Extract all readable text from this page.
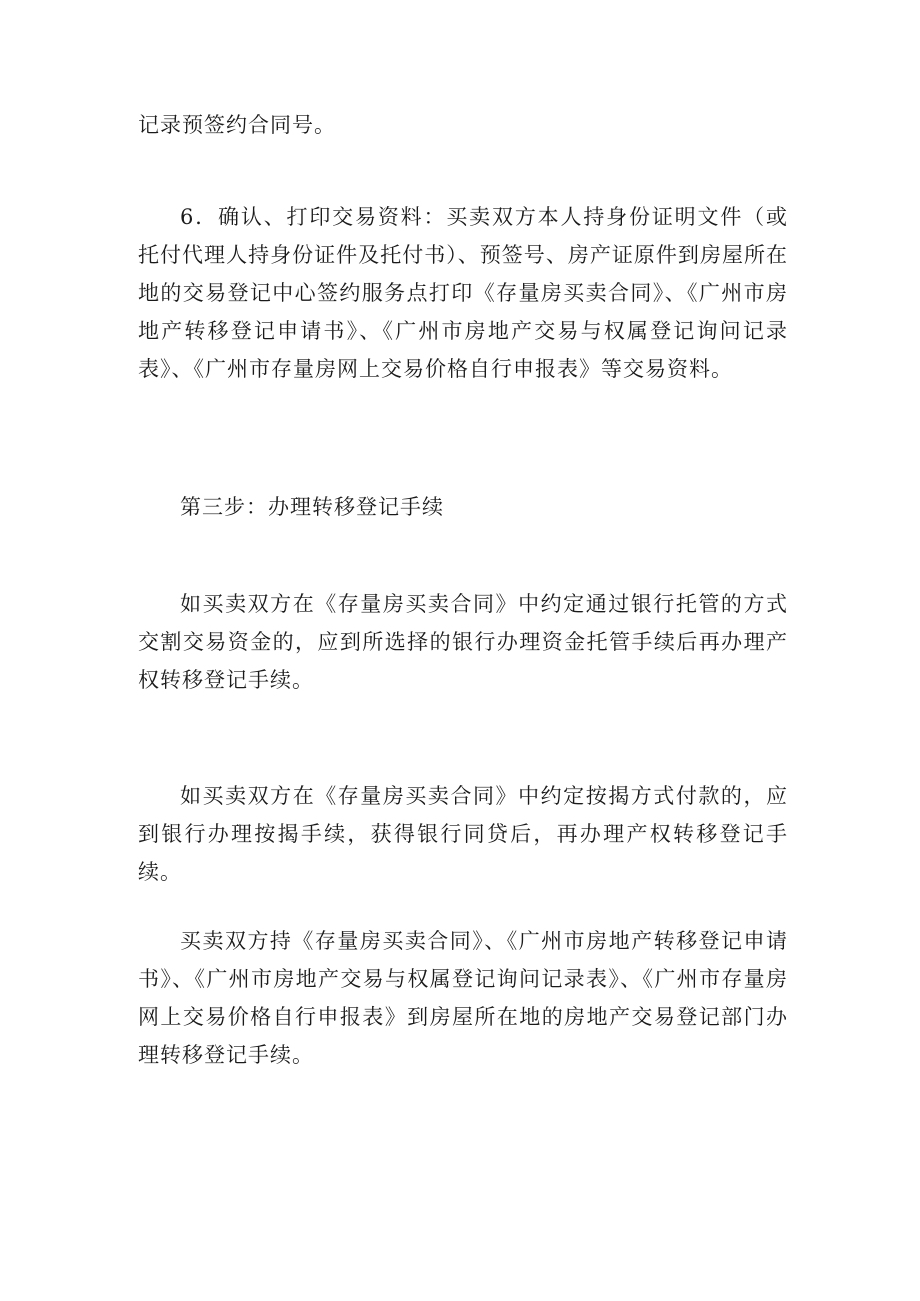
记录预签约合同号。

6．确认、打印交易资料：买卖双方本人持身份证明文件（或托付代理人持身份证件及托付书）、预签号、房产证原件到房屋所在地的交易登记中心签约服务点打印《存量房买卖合同》、《广州市房地产转移登记申请书》、《广州市房地产交易与权属登记询问记录表》、《广州市存量房网上交易价格自行申报表》等交易资料。

第三步：办理转移登记手续

如买卖双方在《存量房买卖合同》中约定通过银行托管的方式交割交易资金的，应到所选择的银行办理资金托管手续后再办理产权转移登记手续。

如买卖双方在《存量房买卖合同》中约定按揭方式付款的，应到银行办理按揭手续，获得银行同贷后，再办理产权转移登记手续。

买卖双方持《存量房买卖合同》、《广州市房地产转移登记申请书》、《广州市房地产交易与权属登记询问记录表》、《广州市存量房网上交易价格自行申报表》到房屋所在地的房地产交易登记部门办理转移登记手续。
